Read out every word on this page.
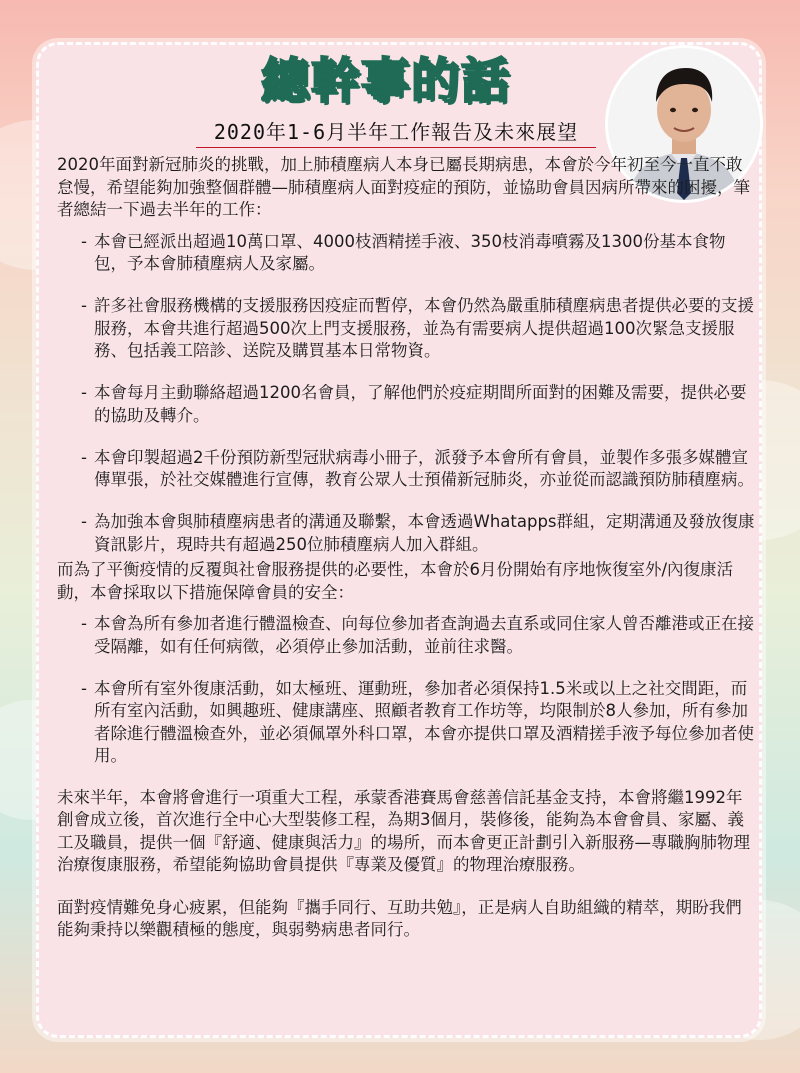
總幹事的話
2020年1-6月半年工作報告及未來展望

2020年面對新冠肺炎的挑戰，加上肺積塵病人本身已屬長期病患，本會於今年初至今一直不敢怠慢，希望能夠加強整個群體—肺積塵病人面對疫症的預防，並協助會員因病所帶來的困擾，筆者總結一下過去半年的工作：

- 本會已經派出超過10萬口罩、4000枝酒精搓手液、350枝消毒噴霧及1300份基本食物包，予本會肺積塵病人及家屬。
- 許多社會服務機構的支援服務因疫症而暫停，本會仍然為嚴重肺積塵病患者提供必要的支援服務，本會共進行超過500次上門支援服務，並為有需要病人提供超過100次緊急支援服務、包括義工陪診、送院及購買基本日常物資。
- 本會每月主動聯絡超過1200名會員，了解他們於疫症期間所面對的困難及需要，提供必要的協助及轉介。
- 本會印製超過2千份預防新型冠狀病毒小冊子，派發予本會所有會員，並製作多張多媒體宣傳單張，於社交媒體進行宣傳，教育公眾人士預備新冠肺炎，亦並從而認識預防肺積塵病。
- 為加強本會與肺積塵病患者的溝通及聯繫，本會透過Whatapps群組，定期溝通及發放復康資訊影片，現時共有超過250位肺積塵病人加入群組。

而為了平衡疫情的反覆與社會服務提供的必要性，本會於6月份開始有序地恢復室外/內復康活動，本會採取以下措施保障會員的安全：

- 本會為所有參加者進行體溫檢查、向每位參加者查詢過去直系或同住家人曾否離港或正在接受隔離，如有任何病徵，必須停止參加活動，並前往求醫。
- 本會所有室外復康活動，如太極班、運動班，參加者必須保持1.5米或以上之社交間距，而所有室內活動，如興趣班、健康講座、照顧者教育工作坊等，均限制於8人參加，所有參加者除進行體溫檢查外，並必須佩罩外科口罩，本會亦提供口罩及酒精搓手液予每位參加者使用。

未來半年，本會將會進行一項重大工程，承蒙香港賽馬會慈善信託基金支持，本會將繼1992年創會成立後，首次進行全中心大型裝修工程，為期3個月，裝修後，能夠為本會會員、家屬、義工及職員，提供一個『舒適、健康與活力』的場所，而本會更正計劃引入新服務—專職胸肺物理治療復康服務，希望能夠協助會員提供『專業及優質』的物理治療服務。

面對疫情難免身心疲累，但能夠『攜手同行、互助共勉』，正是病人自助組織的精萃，期盼我們能夠秉持以樂觀積極的態度，與弱勢病患者同行。
